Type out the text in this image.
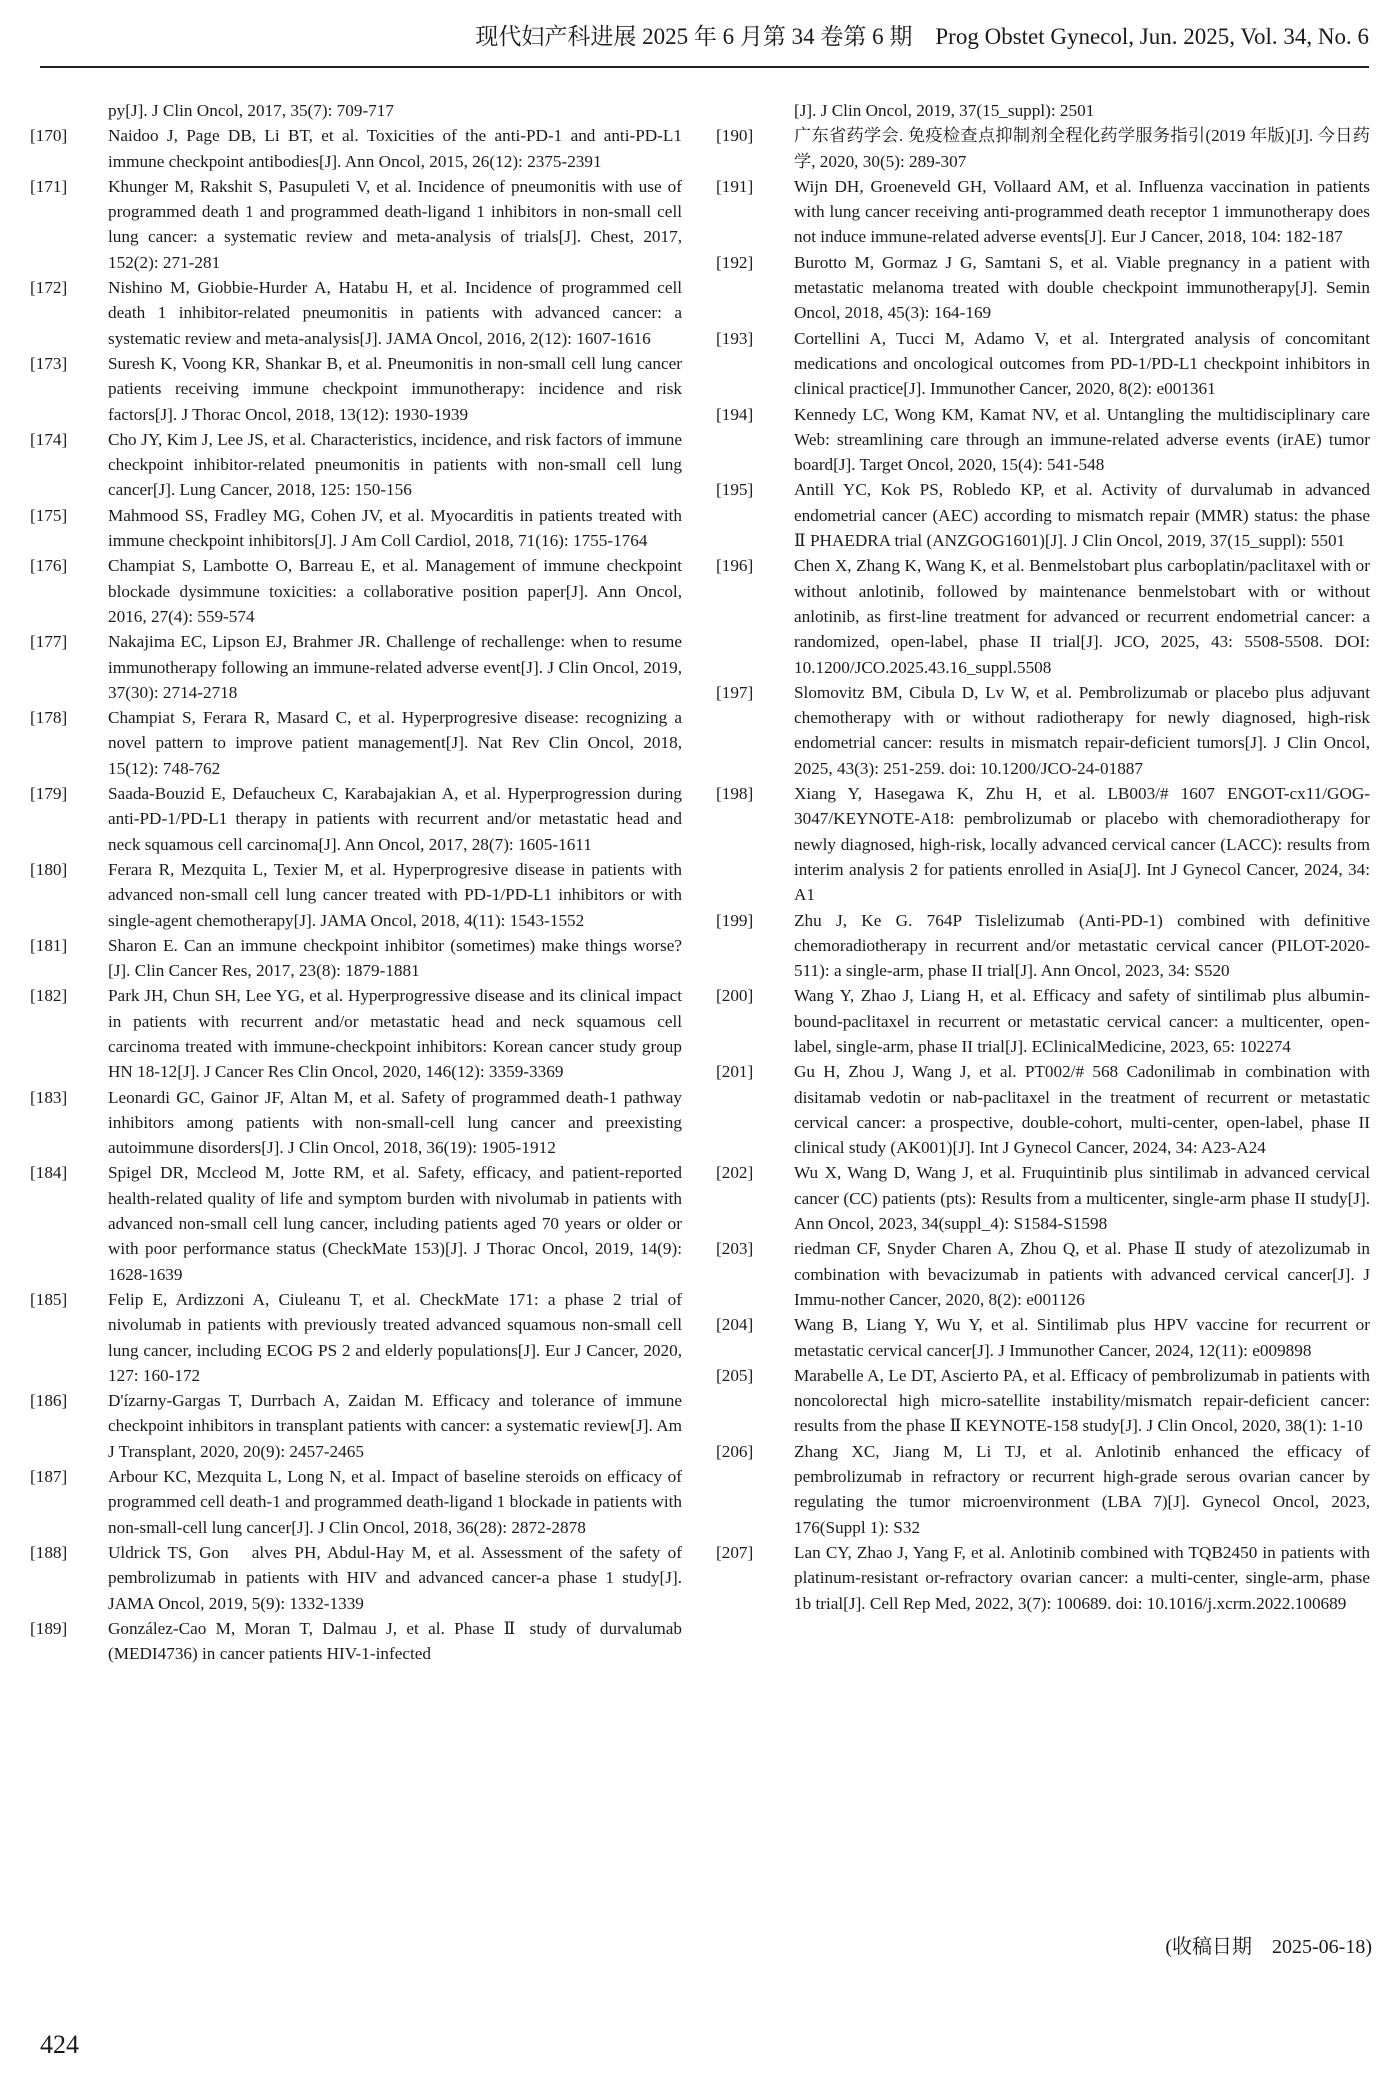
现代妇产科进展 2025 年 6 月第 34 卷第 6 期　Prog Obstet Gynecol, Jun. 2025, Vol. 34, No. 6
py[J]. J Clin Oncol, 2017, 35(7): 709-717
[170] Naidoo J, Page DB, Li BT, et al. Toxicities of the anti-PD-1 and anti-PD-L1 immune checkpoint antibodies[J]. Ann Oncol, 2015, 26(12): 2375-2391
[171] Khunger M, Rakshit S, Pasupuleti V, et al. Incidence of pneumonitis with use of programmed death 1 and programmed death-ligand 1 inhibitors in non-small cell lung cancer: a systematic review and meta-analysis of trials[J]. Chest, 2017, 152(2): 271-281
[172] Nishino M, Giobbie-Hurder A, Hatabu H, et al. Incidence of programmed cell death 1 inhibitor-related pneumonitis in patients with advanced cancer: a systematic review and meta-analysis[J]. JAMA Oncol, 2016, 2(12): 1607-1616
[173] Suresh K, Voong KR, Shankar B, et al. Pneumonitis in non-small cell lung cancer patients receiving immune checkpoint immunotherapy: incidence and risk factors[J]. J Thorac Oncol, 2018, 13(12): 1930-1939
[174] Cho JY, Kim J, Lee JS, et al. Characteristics, incidence, and risk factors of immune checkpoint inhibitor-related pneumonitis in patients with non-small cell lung cancer[J]. Lung Cancer, 2018, 125: 150-156
[175] Mahmood SS, Fradley MG, Cohen JV, et al. Myocarditis in patients treated with immune checkpoint inhibitors[J]. J Am Coll Cardiol, 2018, 71(16): 1755-1764
[176] Champiat S, Lambotte O, Barreau E, et al. Management of immune checkpoint blockade dysimmune toxicities: a collaborative position paper[J]. Ann Oncol, 2016, 27(4): 559-574
[177] Nakajima EC, Lipson EJ, Brahmer JR. Challenge of rechallenge: when to resume immunotherapy following an immune-related adverse event[J]. J Clin Oncol, 2019, 37(30): 2714-2718
[178] Champiat S, Ferara R, Masard C, et al. Hyperprogresive disease: recognizing a novel pattern to improve patient management[J]. Nat Rev Clin Oncol, 2018, 15(12): 748-762
[179] Saada-Bouzid E, Defaucheux C, Karabajakian A, et al. Hyperprogression during anti-PD-1/PD-L1 therapy in patients with recurrent and/or metastatic head and neck squamous cell carcinoma[J]. Ann Oncol, 2017, 28(7): 1605-1611
[180] Ferara R, Mezquita L, Texier M, et al. Hyperprogresive disease in patients with advanced non-small cell lung cancer treated with PD-1/PD-L1 inhibitors or with single-agent chemotherapy[J]. JAMA Oncol, 2018, 4(11): 1543-1552
[181] Sharon E. Can an immune checkpoint inhibitor (sometimes) make things worse?[J]. Clin Cancer Res, 2017, 23(8): 1879-1881
[182] Park JH, Chun SH, Lee YG, et al. Hyperprogressive disease and its clinical impact in patients with recurrent and/or metastatic head and neck squamous cell carcinoma treated with immune-checkpoint inhibitors: Korean cancer study group HN 18-12[J]. J Cancer Res Clin Oncol, 2020, 146(12): 3359-3369
[183] Leonardi GC, Gainor JF, Altan M, et al. Safety of programmed death-1 pathway inhibitors among patients with non-small-cell lung cancer and preexisting autoimmune disorders[J]. J Clin Oncol, 2018, 36(19): 1905-1912
[184] Spigel DR, Mccleod M, Jotte RM, et al. Safety, efficacy, and patient-reported health-related quality of life and symptom burden with nivolumab in patients with advanced non-small cell lung cancer, including patients aged 70 years or older or with poor performance status (CheckMate 153)[J]. J Thorac Oncol, 2019, 14(9): 1628-1639
[185] Felip E, Ardizzoni A, Ciuleanu T, et al. CheckMate 171: a phase 2 trial of nivolumab in patients with previously treated advanced squamous non-small cell lung cancer, including ECOG PS 2 and elderly populations[J]. Eur J Cancer, 2020, 127: 160-172
[186] D'ízarny-Gargas T, Durrbach A, Zaidan M. Efficacy and tolerance of immune checkpoint inhibitors in transplant patients with cancer: a systematic review[J]. Am J Transplant, 2020, 20(9): 2457-2465
[187] Arbour KC, Mezquita L, Long N, et al. Impact of baseline steroids on efficacy of programmed cell death-1 and programmed death-ligand 1 blockade in patients with non-small-cell lung cancer[J]. J Clin Oncol, 2018, 36(28): 2872-2878
[188] Uldrick TS, Gon　alves PH, Abdul-Hay M, et al. Assessment of the safety of pembrolizumab in patients with HIV and advanced cancer-a phase 1 study[J]. JAMA Oncol, 2019, 5(9): 1332-1339
[189] González-Cao M, Moran T, Dalmau J, et al. Phase Ⅱ study of durvalumab (MEDI4736) in cancer patients HIV-1-infected
[J]. J Clin Oncol, 2019, 37(15_suppl): 2501
[190] 广东省药学会. 免疫检查点抑制剂全程化药学服务指引(2019 年版)[J]. 今日药学, 2020, 30(5): 289-307
[191] Wijn DH, Groeneveld GH, Vollaard AM, et al. Influenza vaccination in patients with lung cancer receiving anti-programmed death receptor 1 immunotherapy does not induce immune-related adverse events[J]. Eur J Cancer, 2018, 104: 182-187
[192] Burotto M, Gormaz J G, Samtani S, et al. Viable pregnancy in a patient with metastatic melanoma treated with double checkpoint immunotherapy[J]. Semin Oncol, 2018, 45(3): 164-169
[193] Cortellini A, Tucci M, Adamo V, et al. Intergrated analysis of concomitant medications and oncological outcomes from PD-1/PD-L1 checkpoint inhibitors in clinical practice[J]. Immunother Cancer, 2020, 8(2): e001361
[194] Kennedy LC, Wong KM, Kamat NV, et al. Untangling the multidisciplinary care Web: streamlining care through an immune-related adverse events (irAE) tumor board[J]. Target Oncol, 2020, 15(4): 541-548
[195] Antill YC, Kok PS, Robledo KP, et al. Activity of durvalumab in advanced endometrial cancer (AEC) according to mismatch repair (MMR) status: the phase Ⅱ PHAEDRA trial (ANZGOG1601)[J]. J Clin Oncol, 2019, 37(15_suppl): 5501
[196] Chen X, Zhang K, Wang K, et al. Benmelstobart plus carboplatin/paclitaxel with or without anlotinib, followed by maintenance benmelstobart with or without anlotinib, as first-line treatment for advanced or recurrent endometrial cancer: a randomized, open-label, phase II trial[J]. JCO, 2025, 43: 5508-5508. DOI: 10.1200/JCO.2025.43.16_suppl.5508
[197] Slomovitz BM, Cibula D, Lv W, et al. Pembrolizumab or placebo plus adjuvant chemotherapy with or without radiotherapy for newly diagnosed, high-risk endometrial cancer: results in mismatch repair-deficient tumors[J]. J Clin Oncol, 2025, 43(3): 251-259. doi: 10.1200/JCO-24-01887
[198] Xiang Y, Hasegawa K, Zhu H, et al. LB003/# 1607 ENGOT-cx11/GOG-3047/KEYNOTE-A18: pembrolizumab or placebo with chemoradiotherapy for newly diagnosed, high-risk, locally advanced cervical cancer (LACC): results from interim analysis 2 for patients enrolled in Asia[J]. Int J Gynecol Cancer, 2024, 34: A1
[199] Zhu J, Ke G. 764P Tislelizumab (Anti-PD-1) combined with definitive chemoradiotherapy in recurrent and/or metastatic cervical cancer (PILOT-2020-511): a single-arm, phase II trial[J]. Ann Oncol, 2023, 34: S520
[200] Wang Y, Zhao J, Liang H, et al. Efficacy and safety of sintilimab plus albumin-bound-paclitaxel in recurrent or metastatic cervical cancer: a multicenter, open-label, single-arm, phase II trial[J]. EClinicalMedicine, 2023, 65: 102274
[201] Gu H, Zhou J, Wang J, et al. PT002/# 568 Cadonilimab in combination with disitamab vedotin or nab-paclitaxel in the treatment of recurrent or metastatic cervical cancer: a prospective, double-cohort, multi-center, open-label, phase II clinical study (AK001)[J]. Int J Gynecol Cancer, 2024, 34: A23-A24
[202] Wu X, Wang D, Wang J, et al. Fruquintinib plus sintilimab in advanced cervical cancer (CC) patients (pts): Results from a multicenter, single-arm phase II study[J]. Ann Oncol, 2023, 34(suppl_4): S1584-S1598
[203] riedman CF, Snyder Charen A, Zhou Q, et al. Phase Ⅱ study of atezolizumab in combination with bevacizumab in patients with advanced cervical cancer[J]. J Immu-nother Cancer, 2020, 8(2): e001126
[204] Wang B, Liang Y, Wu Y, et al. Sintilimab plus HPV vaccine for recurrent or metastatic cervical cancer[J]. J Immunother Cancer, 2024, 12(11): e009898
[205] Marabelle A, Le DT, Ascierto PA, et al. Efficacy of pembrolizumab in patients with noncolorectal high micro-satellite instability/mismatch repair-deficient cancer: results from the phase Ⅱ KEYNOTE-158 study[J]. J Clin Oncol, 2020, 38(1): 1-10
[206] Zhang XC, Jiang M, Li TJ, et al. Anlotinib enhanced the efficacy of pembrolizumab in refractory or recurrent high-grade serous ovarian cancer by regulating the tumor microenvironment (LBA 7)[J]. Gynecol Oncol, 2023, 176(Suppl 1): S32
[207] Lan CY, Zhao J, Yang F, et al. Anlotinib combined with TQB2450 in patients with platinum-resistant or-refractory ovarian cancer: a multi-center, single-arm, phase 1b trial[J]. Cell Rep Med, 2022, 3(7): 100689. doi: 10.1016/j.xcrm.2022.100689
(收稿日期　2025-06-18)
424
